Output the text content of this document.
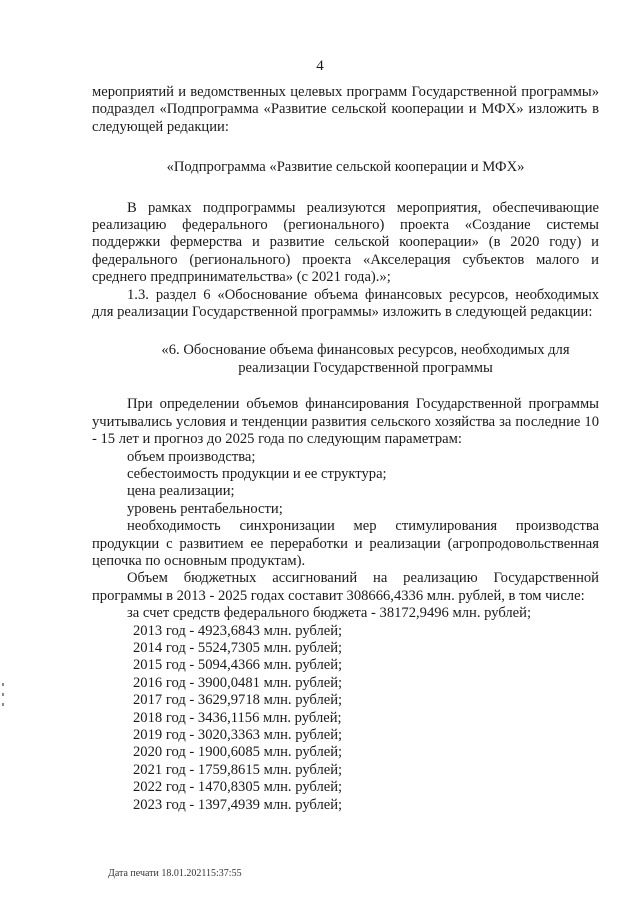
4

мероприятий и ведомственных целевых программ Государственной программы» подраздел «Подпрограмма «Развитие сельской кооперации и МФХ» изложить в следующей редакции:

«Подпрограмма «Развитие сельской кооперации и МФХ»

В рамках подпрограммы реализуются мероприятия, обеспечивающие реализацию федерального (регионального) проекта «Создание системы поддержки фермерства и развитие сельской кооперации» (в 2020 году) и федерального (регионального) проекта «Акселерация субъектов малого и среднего предпринимательства» (с 2021 года).»;

1.3. раздел 6 «Обоснование объема финансовых ресурсов, необходимых для реализации Государственной программы» изложить в следующей редакции:

«6. Обоснование объема финансовых ресурсов, необходимых для реализации Государственной программы

При определении объемов финансирования Государственной программы учитывались условия и тенденции развития сельского хозяйства за последние 10 - 15 лет и прогноз до 2025 года по следующим параметрам:

объем производства;

себестоимость продукции и ее структура;

цена реализации;

уровень рентабельности;

необходимость синхронизации мер стимулирования производства продукции с развитием ее переработки и реализации (агропродовольственная цепочка по основным продуктам).

Объем бюджетных ассигнований на реализацию Государственной программы в 2013 - 2025 годах составит 308666,4336 млн. рублей, в том числе:

за счет средств федерального бюджета - 38172,9496 млн. рублей;

2013 год - 4923,6843 млн. рублей;

2014 год - 5524,7305 млн. рублей;

2015 год - 5094,4366 млн. рублей;

2016 год - 3900,0481 млн. рублей;

2017 год - 3629,9718 млн. рублей;

2018 год - 3436,1156 млн. рублей;

2019 год - 3020,3363 млн. рублей;

2020 год - 1900,6085 млн. рублей;

2021 год - 1759,8615 млн. рублей;

2022 год - 1470,8305 млн. рублей;

2023 год - 1397,4939 млн. рублей;

Дата печати 18.01.202115:37:55
